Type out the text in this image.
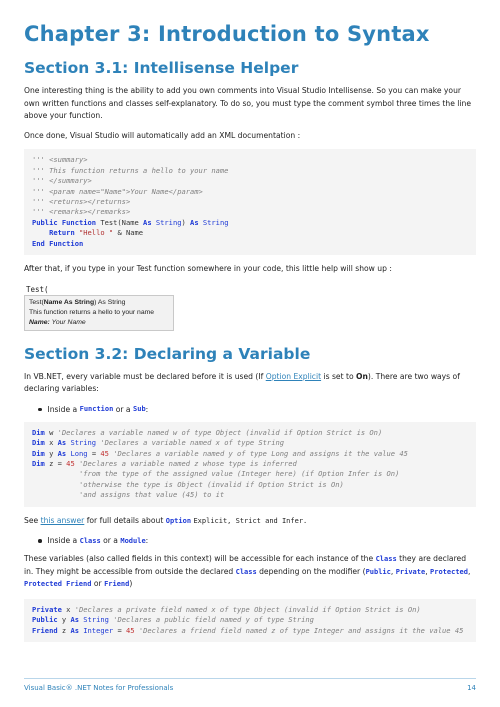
Chapter 3: Introduction to Syntax
Section 3.1: Intellisense Helper

One interesting thing is the ability to add you own comments into Visual Studio Intellisense. So you can make your own written functions and classes self-explanatory. To do so, you must type the comment symbol three times the line above your function.

Once done, Visual Studio will automatically add an XML documentation :

''' <summary>
''' This function returns a hello to your name
''' </summary>
''' <param name="Name">Your Name</param>
''' <returns></returns>
''' <remarks></remarks>
Public Function Test(Name As String) As String
Return "Hello " & Name
End Function

After that, if you type in your Test function somewhere in your code, this little help will show up :

Test(
Test(Name As String) As String
This function returns a hello to your name
Name: Your Name
Section 3.2: Declaring a Variable

In VB.NET, every variable must be declared before it is used (If Option Explicit is set to On). There are two ways of declaring variables:

Inside a
Function
or a
Sub :
Dim w 'Declares a variable named w of type Object (invalid if Option Strict is On)
Dim x As String 'Declares a variable named x of type String
Dim y As Long = 45 'Declares a variable named y of type Long and assigns it the value 45
Dim z = 45 'Declares a variable named z whose type is inferred
'from the type of the assigned value (Integer here) (if Option Infer is On)
'otherwise the type is Object (invalid if Option Strict is On)
'and assigns that value (45) to it

See this answer for full details about Option Explicit, Strict and Infer.

Inside a
Class
or a
Module :

These variables (also called fields in this context) will be accessible for each instance of the Class they are declared in. They might be accessible from outside the declared Class depending on the modifier (Public, Private, Protected, Protected Friend or Friend)

Private x 'Declares a private field named x of type Object (invalid if Option Strict is On)
Public y As String 'Declares a public field named y of type String
Friend z As Integer = 45 'Declares a friend field named z of type Integer and assigns it the value 45
Visual Basic® .NET Notes for Professionals	14
